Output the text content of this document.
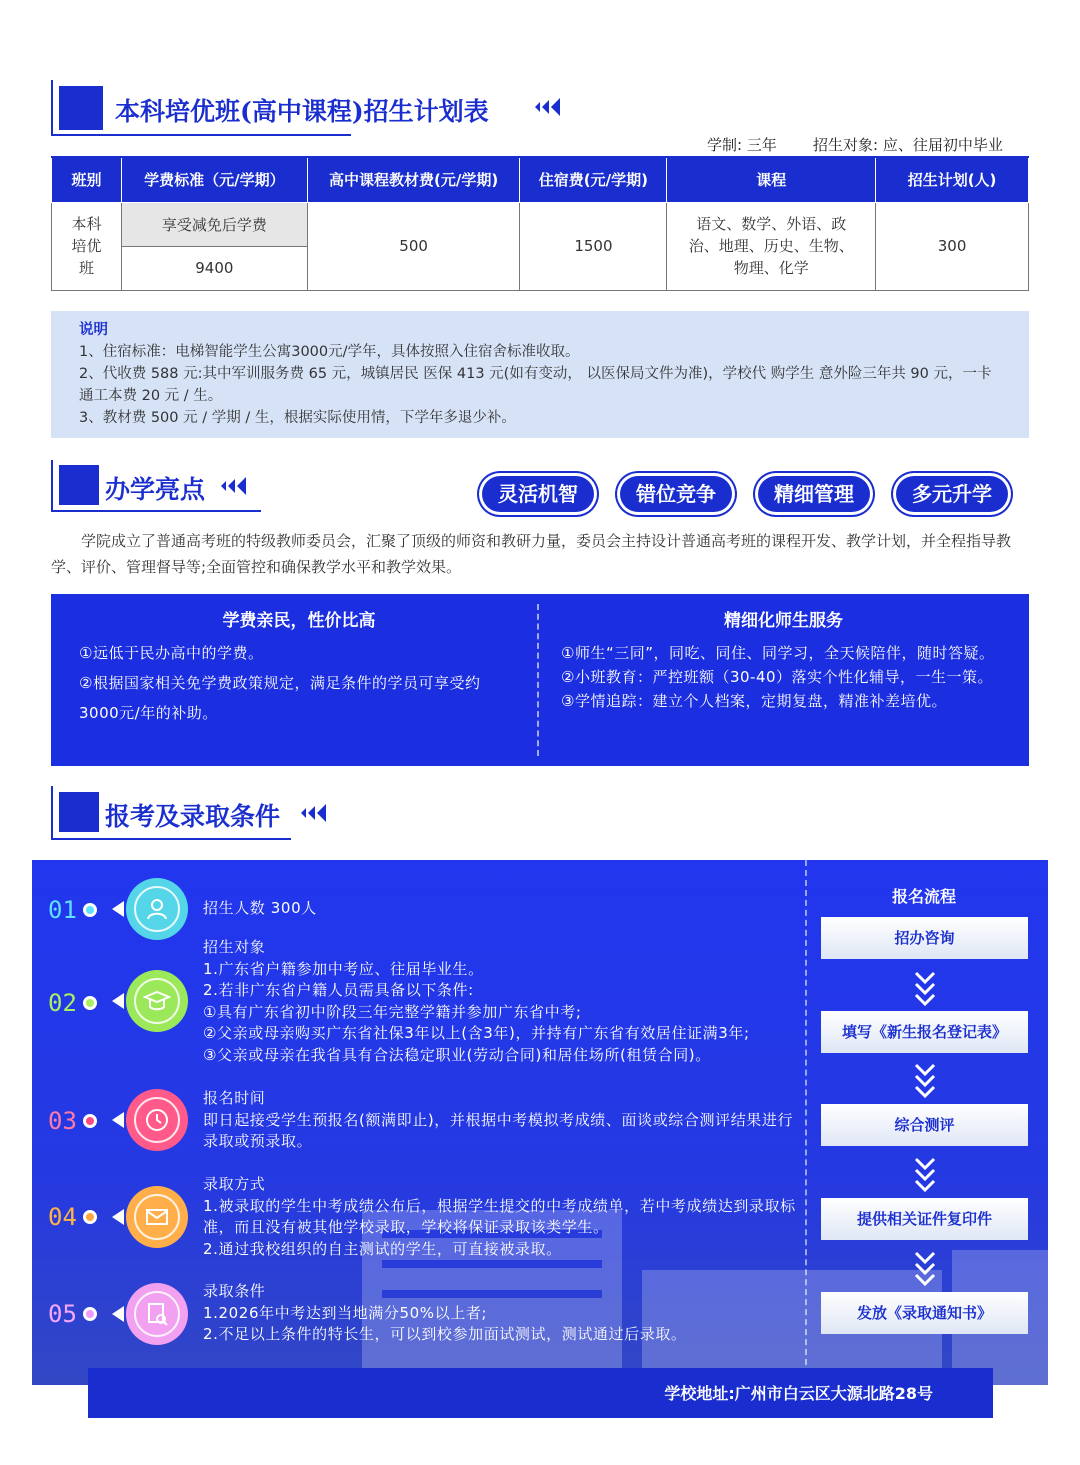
本科培优班(高中课程)招生计划表
学制: 三年 招生对象: 应、往届初中毕业
班别	学费标准（元/学期）	高中课程教材费(元/学期)	住宿费(元/学期)	课程	招生计划(人)
本科培优班	享受减免后学费	500	1500	语文、数学、外语、政治、地理、历史、生物、物理、化学	300
	9400				
说明
1、住宿标准：电梯智能学生公寓3000元/学年，具体按照入住宿舍标准收取。
2、代收费 588 元:其中军训服务费 65 元，城镇居民 医保 413 元(如有变动， 以医保局文件为准)，学校代 购学生 意外险三年共 90 元，一卡通工本费 20 元 / 生。
3、教材费 500 元 / 学期 / 生，根据实际使用情，下学年多退少补。
办学亮点	灵活机智	错位竞争	精细管理	多元升学
学院成立了普通高考班的特级教师委员会，汇聚了顶级的师资和教研力量，委员会主持设计普通高考班的课程开发、教学计划，并全程指导教学、评价、管理督导等;全面管控和确保教学水平和教学效果。
学费亲民，性价比高

①远低于民办高中的学费。

②根据国家相关免学费政策规定，满足条件的学员可享受约3000元/年的补助。

精细化师生服务

①师生“三同”，同吃、同住、同学习，全天候陪伴，随时答疑。

②小班教育：严控班额（30-40）落实个性化辅导，一生一策。

③学情追踪：建立个人档案，定期复盘，精准补差培优。

报考及录取条件
招生人数 300人
招生对象
1.广东省户籍参加中考应、往届毕业生。
2.若非广东省户籍人员需具备以下条件:
①具有广东省初中阶段三年完整学籍并参加广东省中考;
②父亲或母亲购买广东省社保3年以上(含3年)，并持有广东省有效居住证满3年;
③父亲或母亲在我省具有合法稳定职业(劳动合同)和居住场所(租赁合同)。
报名时间
即日起接受学生预报名(额满即止)，并根据中考模拟考成绩、面谈或综合测评结果进行录取或预录取。
录取方式
1.被录取的学生中考成绩公布后，根据学生提交的中考成绩单，若中考成绩达到录取标准，而且没有被其他学校录取，学校将保证录取该类学生。
2.通过我校组织的自主测试的学生，可直接被录取。
录取条件
1.2026年中考达到当地满分50%以上者;
2.不足以上条件的特长生，可以到校参加面试测试，测试通过后录取。
01
02
03
04
05
报名流程
招办咨询
填写《新生报名登记表》
综合测评
提供相关证件复印件
发放《录取通知书》
学校地址:广州市白云区大源北路28号
